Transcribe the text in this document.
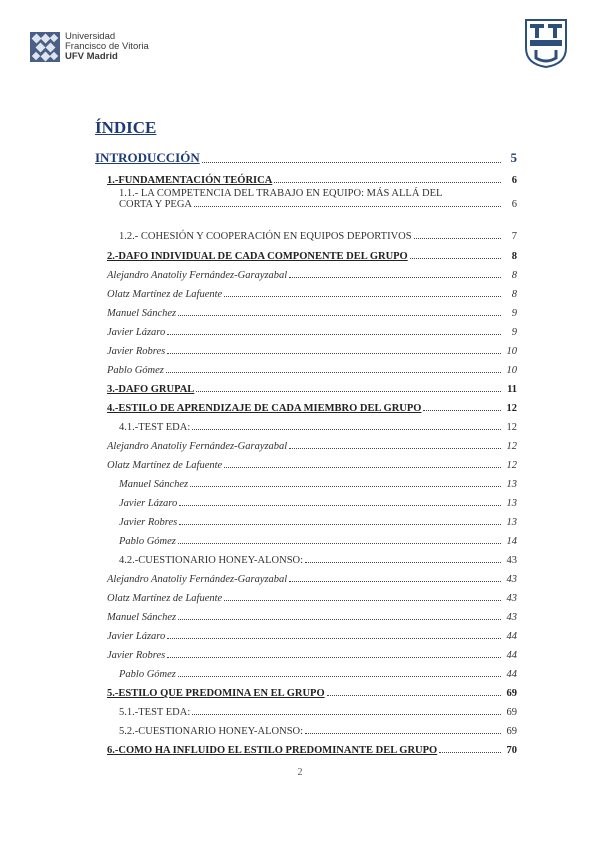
Universidad
Francisco de Vitoria
UFV Madrid
ÍNDICE
INTRODUCCIÓN	5
1.-FUNDAMENTACIÓN TEÓRICA	6
1.1.- LA COMPETENCIA DEL TRABAJO EN EQUIPO: MÁS ALLÁ DEL
CORTA Y PEGA	6
1.2.- COHESIÓN Y COOPERACIÓN EN EQUIPOS DEPORTIVOS	7
2.-DAFO INDIVIDUAL DE CADA COMPONENTE DEL GRUPO	8
Alejandro Anatoliy Fernández-Garayzabal	8
Olatz Martínez de Lafuente	8
Manuel Sánchez	9
Javier Lázaro	9
Javier Robres	10
Pablo Gómez	10
3.-DAFO GRUPAL	11
4.-ESTILO DE APRENDIZAJE DE CADA MIEMBRO DEL GRUPO	12
4.1.-TEST EDA:	12
Alejandro Anatoliy Fernández-Garayzabal	12
Olatz Martínez de Lafuente	12
Manuel Sánchez	13
Javier Lázaro	13
Javier Robres	13
Pablo Gómez	14
4.2.-CUESTIONARIO HONEY-ALONSO:	43
Alejandro Anatoliy Fernández-Garayzabal	43
Olatz Martínez de Lafuente	43
Manuel Sánchez	43
Javier Lázaro	44
Javier Robres	44
Pablo Gómez	44
5.-ESTILO QUE PREDOMINA EN EL GRUPO	69
5.1.-TEST EDA:	69
5.2.-CUESTIONARIO HONEY-ALONSO:	69
6.-COMO HA INFLUIDO EL ESTILO PREDOMINANTE DEL GRUPO	70
2
